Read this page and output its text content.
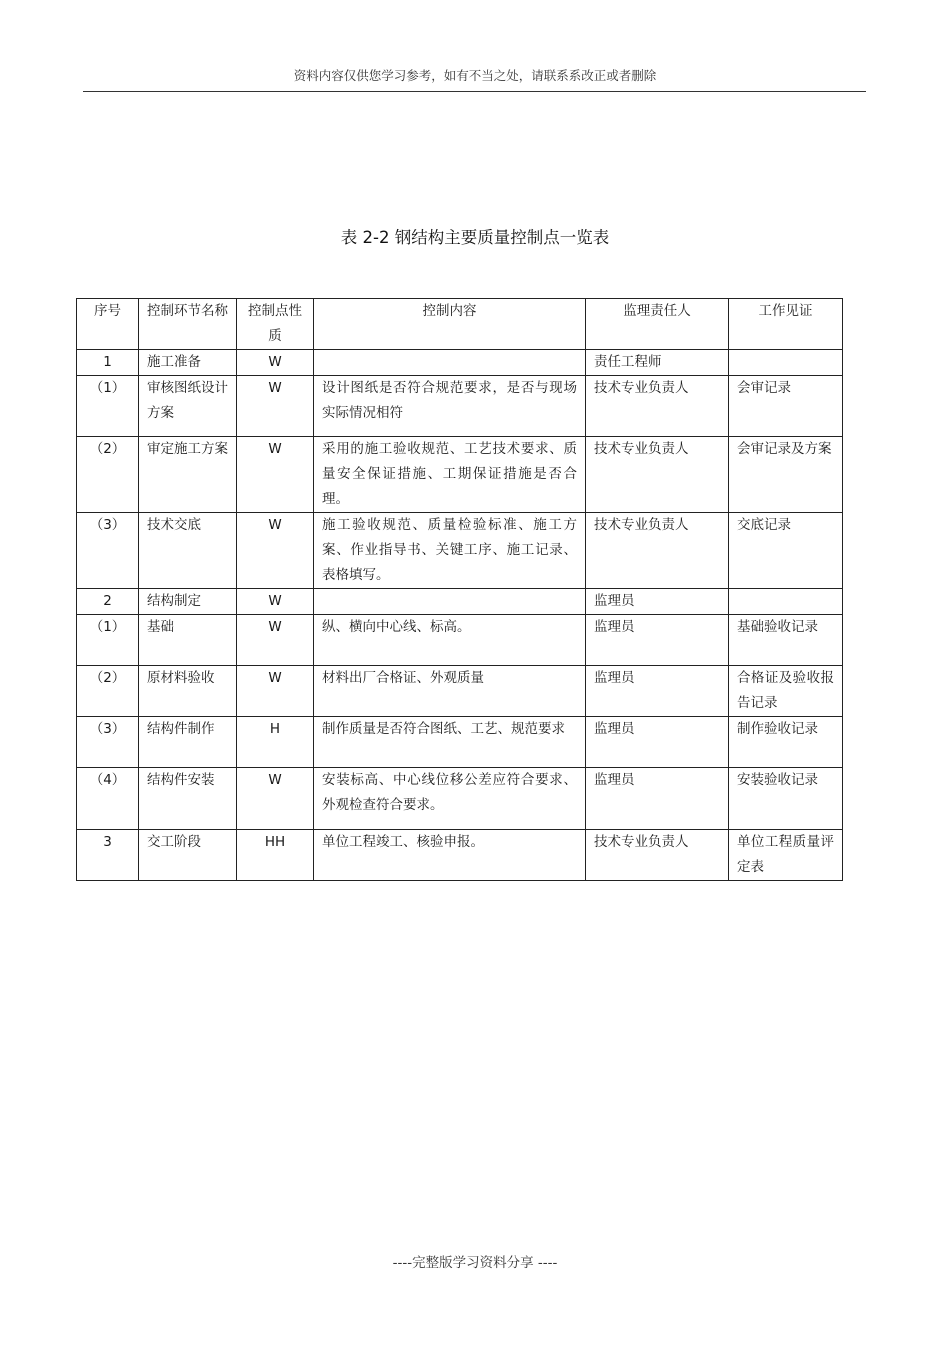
资料内容仅供您学习参考，如有不当之处，请联系系改正或者删除
表 2-2 钢结构主要质量控制点一览表
序号	控制环节名称	控制点性质	控制内容	监理责任人	工作见证
1	施工准备	W		责任工程师	
（1）	审核图纸设计方案	W	设计图纸是否符合规范要求，是否与现场实际情况相符	技术专业负责人	会审记录
（2）	审定施工方案	W	采用的施工验收规范、工艺技术要求、质量安全保证措施、工期保证措施是否合理。	技术专业负责人	会审记录及方案
（3）	技术交底	W	施工验收规范、质量检验标准、施工方案、作业指导书、关键工序、施工记录、表格填写。	技术专业负责人	交底记录
2	结构制定	W		监理员	
（1）	基础	W	纵、横向中心线、标高。	监理员	基础验收记录
（2）	原材料验收	W	材料出厂合格证、外观质量	监理员	合格证及验收报告记录
（3）	结构件制作	H	制作质量是否符合图纸、工艺、规范要求	监理员	制作验收记录
（4）	结构件安装	W	安装标高、中心线位移公差应符合要求、外观检查符合要求。	监理员	安装验收记录
3	交工阶段	HH	单位工程竣工、核验申报。	技术专业负责人	单位工程质量评定表
----完整版学习资料分享 ----
